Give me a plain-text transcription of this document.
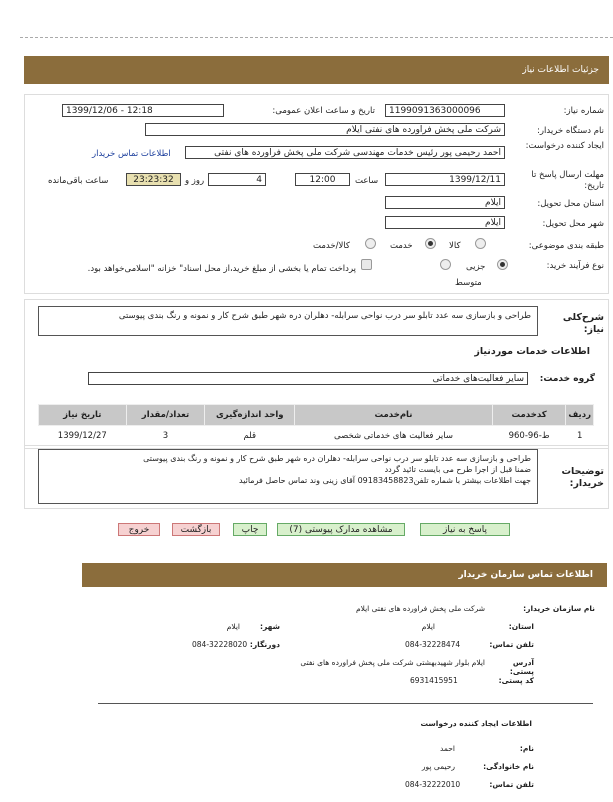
جزئیات اطلاعات نیاز
شماره نیاز:
1199091363000096
تاریخ و ساعت اعلان عمومی:
1399/12/06 - 12:18
نام دستگاه خریدار:
شرکت ملی پخش فراورده های نفتی ایلام
ایجاد کننده درخواست:
احمد رحیمی پور رئیس خدمات مهندسی شرکت ملی پخش فراورده های نفتی
اطلاعات تماس خریدار
مهلت ارسال پاسخ تا تاریخ:
1399/12/11
ساعت
12:00
4
روز و
23:23:32
ساعت باقی‌مانده
استان محل تحویل:
ایلام
شهر محل تحویل:
ایلام
طبقه بندی موضوعی:
کالا
خدمت
کالا/خدمت
نوع فرآیند خرید:
جزیی
متوسط
پرداخت تمام یا بخشی از مبلغ خرید،از محل اسناد" خزانه "اسلامی‌خواهد بود.
شرح‌کلی نیاز:
طراحی و بازسازی سه عدد تابلو سر درب نواحی سرابله- دهلران دره شهر طبق شرح کار و نمونه و رنگ بندی پیوستی
اطلاعات خدمات موردنیاز
گروه خدمت:
سایر فعالیت‌های خدماتی
ردیف	کدخدمت	نام‌خدمت	واحد اندازه‌گیری	تعداد/مقدار	تاریخ نیاز
1	ط-96-960	سایر فعالیت های خدماتی شخصی	قلم	3	1399/12/27
توضیحات خریدار:
طراحی و بازسازی سه عدد تابلو سر درب نواحی سرابله- دهلران دره شهر طبق شرح کار و نمونه و رنگ بندی پیوستی
ضمنا قبل از اجرا طرح می بایست تائید گردد
جهت اطلاعات بیشتر با شماره تلفن09183458823 آقای زینی وند تماس حاصل فرمائید
پاسخ به نیاز
مشاهده مدارک پیوستی (7)
چاپ
بازگشت
خروج
اطلاعات تماس سازمان خریدار
نام سازمان خریدار:
شرکت ملی پخش فراورده های نفتی ایلام
استان:
ایلام
شهر:
ایلام
تلفن تماس:
084-32228474
دورنگار:
084-32228020
آدرس پستی:
ایلام بلوار شهیدبهشتی شرکت ملی پخش فراورده های نفتی
کد پستی:
6931415951
اطلاعات ایجاد کننده درخواست
نام:
احمد
نام خانوادگی:
رحیمی پور
تلفن تماس:
084-32222010
